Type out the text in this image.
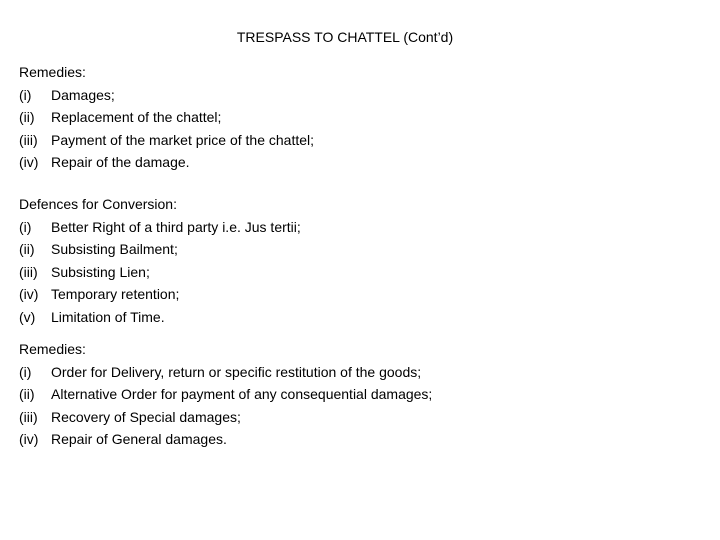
TRESPASS TO CHATTEL (Cont’d)
Remedies:
(i)	Damages;
(ii)	Replacement of the chattel;
(iii) Payment of the market price of the chattel;
(iv) Repair of the damage.
Defences for Conversion:
(i)	Better Right of a third party i.e. Jus tertii;
(ii)	Subsisting Bailment;
(iii) Subsisting Lien;
(iv) Temporary retention;
(v)	Limitation of Time.
Remedies:
(i)	Order for Delivery, return or specific restitution of the goods;
(ii)	Alternative Order for payment of any consequential damages;
(iii) Recovery of Special damages;
(iv) Repair of General damages.
